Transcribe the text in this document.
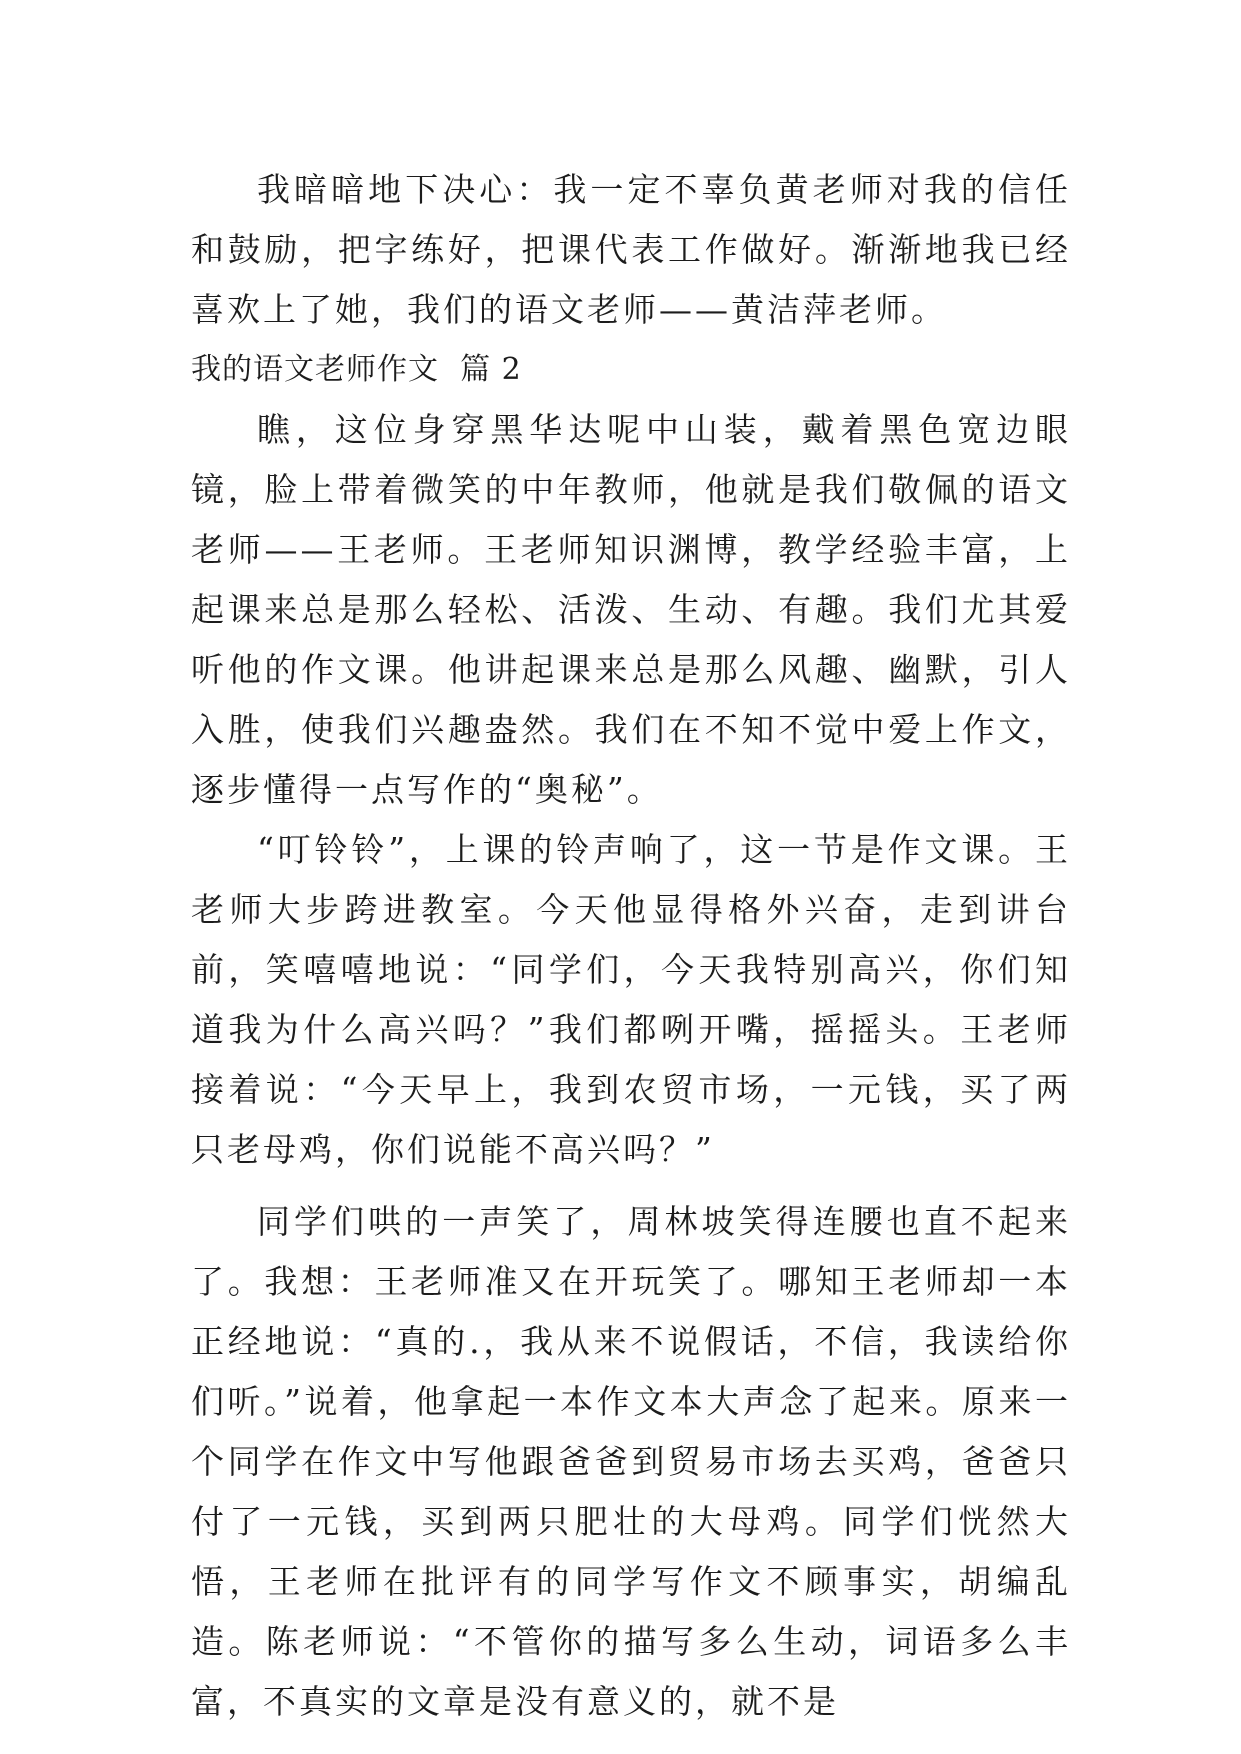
我暗暗地下决心：我一定不辜负黄老师对我的信任和鼓励，把字练好，把课代表工作做好。渐渐地我已经喜欢上了她，我们的语文老师——黄洁萍老师。

我的语文老师作文  篇 2

瞧，这位身穿黑华达呢中山装，戴着黑色宽边眼镜，脸上带着微笑的中年教师，他就是我们敬佩的语文老师——王老师。王老师知识渊博，教学经验丰富，上起课来总是那么轻松、活泼、生动、有趣。我们尤其爱听他的作文课。他讲起课来总是那么风趣、幽默，引人入胜，使我们兴趣盎然。我们在不知不觉中爱上作文，逐步懂得一点写作的“奥秘”。

“叮铃铃”，上课的铃声响了，这一节是作文课。王老师大步跨进教室。今天他显得格外兴奋，走到讲台前，笑嘻嘻地说：“同学们，今天我特别高兴，你们知道我为什么高兴吗？”我们都咧开嘴，摇摇头。王老师接着说：“今天早上，我到农贸市场，一元钱，买了两只老母鸡，你们说能不高兴吗？”

同学们哄的一声笑了，周林坡笑得连腰也直不起来了。我想：王老师准又在开玩笑了。哪知王老师却一本正经地说：“真的.，我从来不说假话，不信，我读给你们听。”说着，他拿起一本作文本大声念了起来。原来一个同学在作文中写他跟爸爸到贸易市场去买鸡，爸爸只付了一元钱，买到两只肥壮的大母鸡。同学们恍然大悟，王老师在批评有的同学写作文不顾事实，胡编乱造。陈老师说：“不管你的描写多么生动，词语多么丰富，不真实的文章是没有意义的，就不是
